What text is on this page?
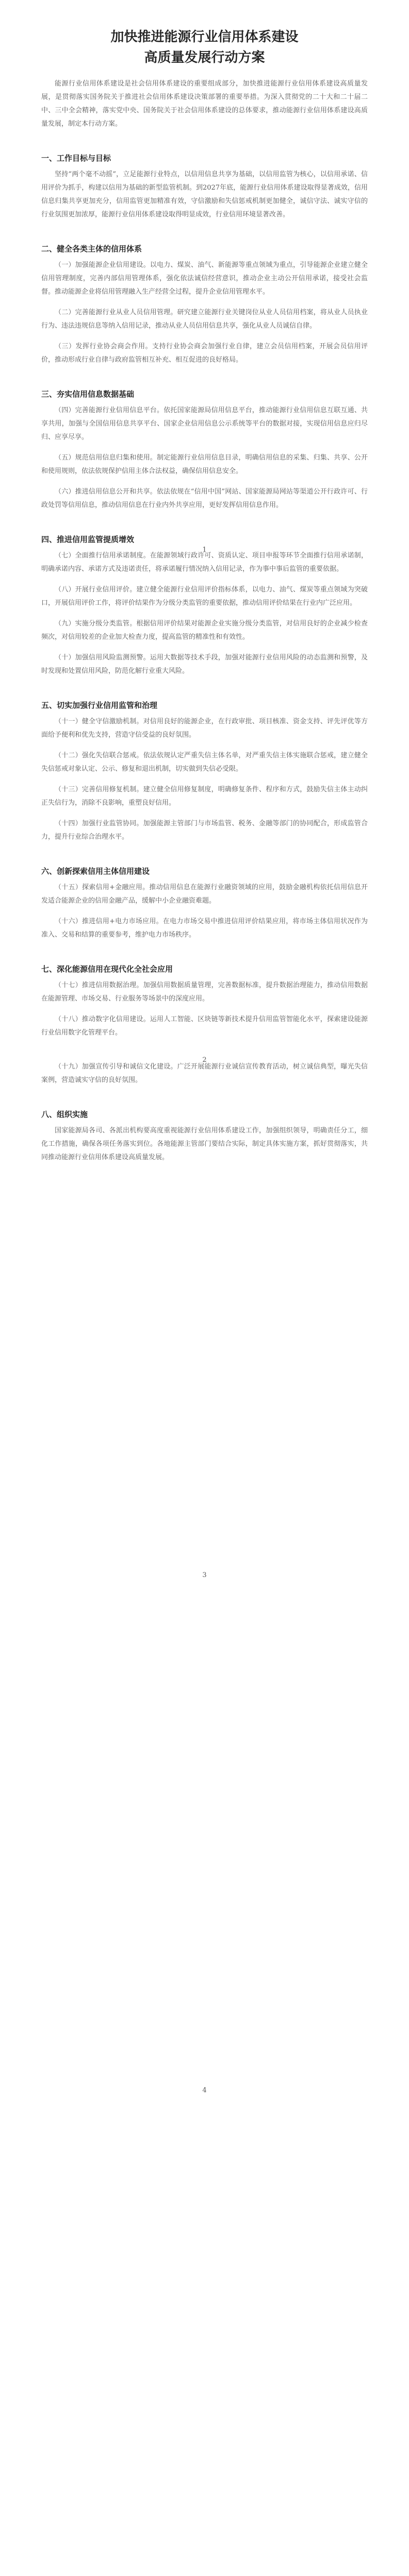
加快推进能源行业信用体系建设
高质量发展行动方案

能源行业信用体系建设是社会信用体系建设的重要组成部分，加快推进能源行业信用体系建设高质量发展，是贯彻落实国务院关于推进社会信用体系建设决策部署的重要举措。为深入贯彻党的二十大和二十届二中、三中全会精神，落实党中央、国务院关于社会信用体系建设的总体要求，推动能源行业信用体系建设高质量发展，制定本行动方案。

一、工作目标与目标

坚持“两个毫不动摇”，立足能源行业特点，以信用信息共享为基础，以信用监管为核心，以信用承诺、信用评价为抓手，构建以信用为基础的新型监管机制。到2027年底，能源行业信用体系建设取得显著成效，信用信息归集共享更加充分，信用监管更加精准有效，守信激励和失信惩戒机制更加健全，诚信守法、诚实守信的行业氛围更加浓厚，能源行业信用体系建设取得明显成效，行业信用环境显著改善。

二、健全各类主体的信用体系

（一）加强能源企业信用建设。以电力、煤炭、油气、新能源等重点领域为重点，引导能源企业建立健全信用管理制度，完善内部信用管理体系，强化依法诚信经营意识，推动企业主动公开信用承诺，接受社会监督。推动能源企业将信用管理融入生产经营全过程，提升企业信用管理水平。

（二）完善能源行业从业人员信用管理。研究建立能源行业关键岗位从业人员信用档案，将从业人员执业行为、违法违规信息等纳入信用记录，推动从业人员信用信息共享，强化从业人员诚信自律。

（三）发挥行业协会商会作用。支持行业协会商会加强行业自律，建立会员信用档案，开展会员信用评价，推动形成行业自律与政府监管相互补充、相互促进的良好格局。

三、夯实信用信息数据基础

（四）完善能源行业信用信息平台。依托国家能源局信用信息平台，推动能源行业信用信息互联互通、共享共用，加强与全国信用信息共享平台、国家企业信用信息公示系统等平台的数据对接，实现信用信息应归尽归、应享尽享。

（五）规范信用信息归集和使用。制定能源行业信用信息目录，明确信用信息的采集、归集、共享、公开和使用规则，依法依规保护信用主体合法权益，确保信用信息安全。

（六）推进信用信息公开和共享。依法依规在“信用中国”网站、国家能源局网站等渠道公开行政许可、行政处罚等信用信息，推动信用信息在行业内外共享应用，更好发挥信用信息作用。

四、推进信用监管提质增效

（七）全面推行信用承诺制度。在能源领域行政许可、资质认定、项目申报等环节全面推行信用承诺制，明确承诺内容、承诺方式及违诺责任，将承诺履行情况纳入信用记录，作为事中事后监管的重要依据。

（八）开展行业信用评价。建立健全能源行业信用评价指标体系，以电力、油气、煤炭等重点领域为突破口，开展信用评价工作，将评价结果作为分级分类监管的重要依据，推动信用评价结果在行业内广泛应用。

（九）实施分级分类监管。根据信用评价结果对能源企业实施分级分类监管，对信用良好的企业减少检查频次，对信用较差的企业加大检查力度，提高监管的精准性和有效性。

（十）加强信用风险监测预警。运用大数据等技术手段，加强对能源行业信用风险的动态监测和预警，及时发现和处置信用风险，防范化解行业重大风险。

五、切实加强行业信用监管和治理

（十一）健全守信激励机制。对信用良好的能源企业，在行政审批、项目核准、资金支持、评先评优等方面给予便利和优先支持，营造守信受益的良好氛围。

（十二）强化失信联合惩戒。依法依规认定严重失信主体名单，对严重失信主体实施联合惩戒，建立健全失信惩戒对象认定、公示、修复和退出机制，切实做到失信必受限。

（十三）完善信用修复机制。建立健全信用修复制度，明确修复条件、程序和方式，鼓励失信主体主动纠正失信行为，消除不良影响，重塑良好信用。

（十四）加强行业监管协同。加强能源主管部门与市场监管、税务、金融等部门的协同配合，形成监管合力，提升行业综合治理水平。

六、创新探索信用主体信用建设

（十五）探索信用+金融应用。推动信用信息在能源行业融资领域的应用，鼓励金融机构依托信用信息开发适合能源企业的信用金融产品，缓解中小企业融资难题。

（十六）推进信用+电力市场应用。在电力市场交易中推进信用评价结果应用，将市场主体信用状况作为准入、交易和结算的重要参考，维护电力市场秩序。

七、深化能源信用在现代化全社会应用

（十七）推进信用数据治理。加强信用数据质量管理，完善数据标准，提升数据治理能力，推动信用数据在能源管理、市场交易、行业服务等场景中的深度应用。

（十八）推动数字化信用建设。运用人工智能、区块链等新技术提升信用监管智能化水平，探索建设能源行业信用数字化管理平台。

（十九）加强宣传引导和诚信文化建设。广泛开展能源行业诚信宣传教育活动，树立诚信典型，曝光失信案例，营造诚实守信的良好氛围。

八、组织实施

国家能源局各司、各派出机构要高度重视能源行业信用体系建设工作，加强组织领导，明确责任分工，细化工作措施，确保各项任务落实到位。各地能源主管部门要结合实际，制定具体实施方案，抓好贯彻落实，共同推动能源行业信用体系建设高质量发展。

1
2
3
4
